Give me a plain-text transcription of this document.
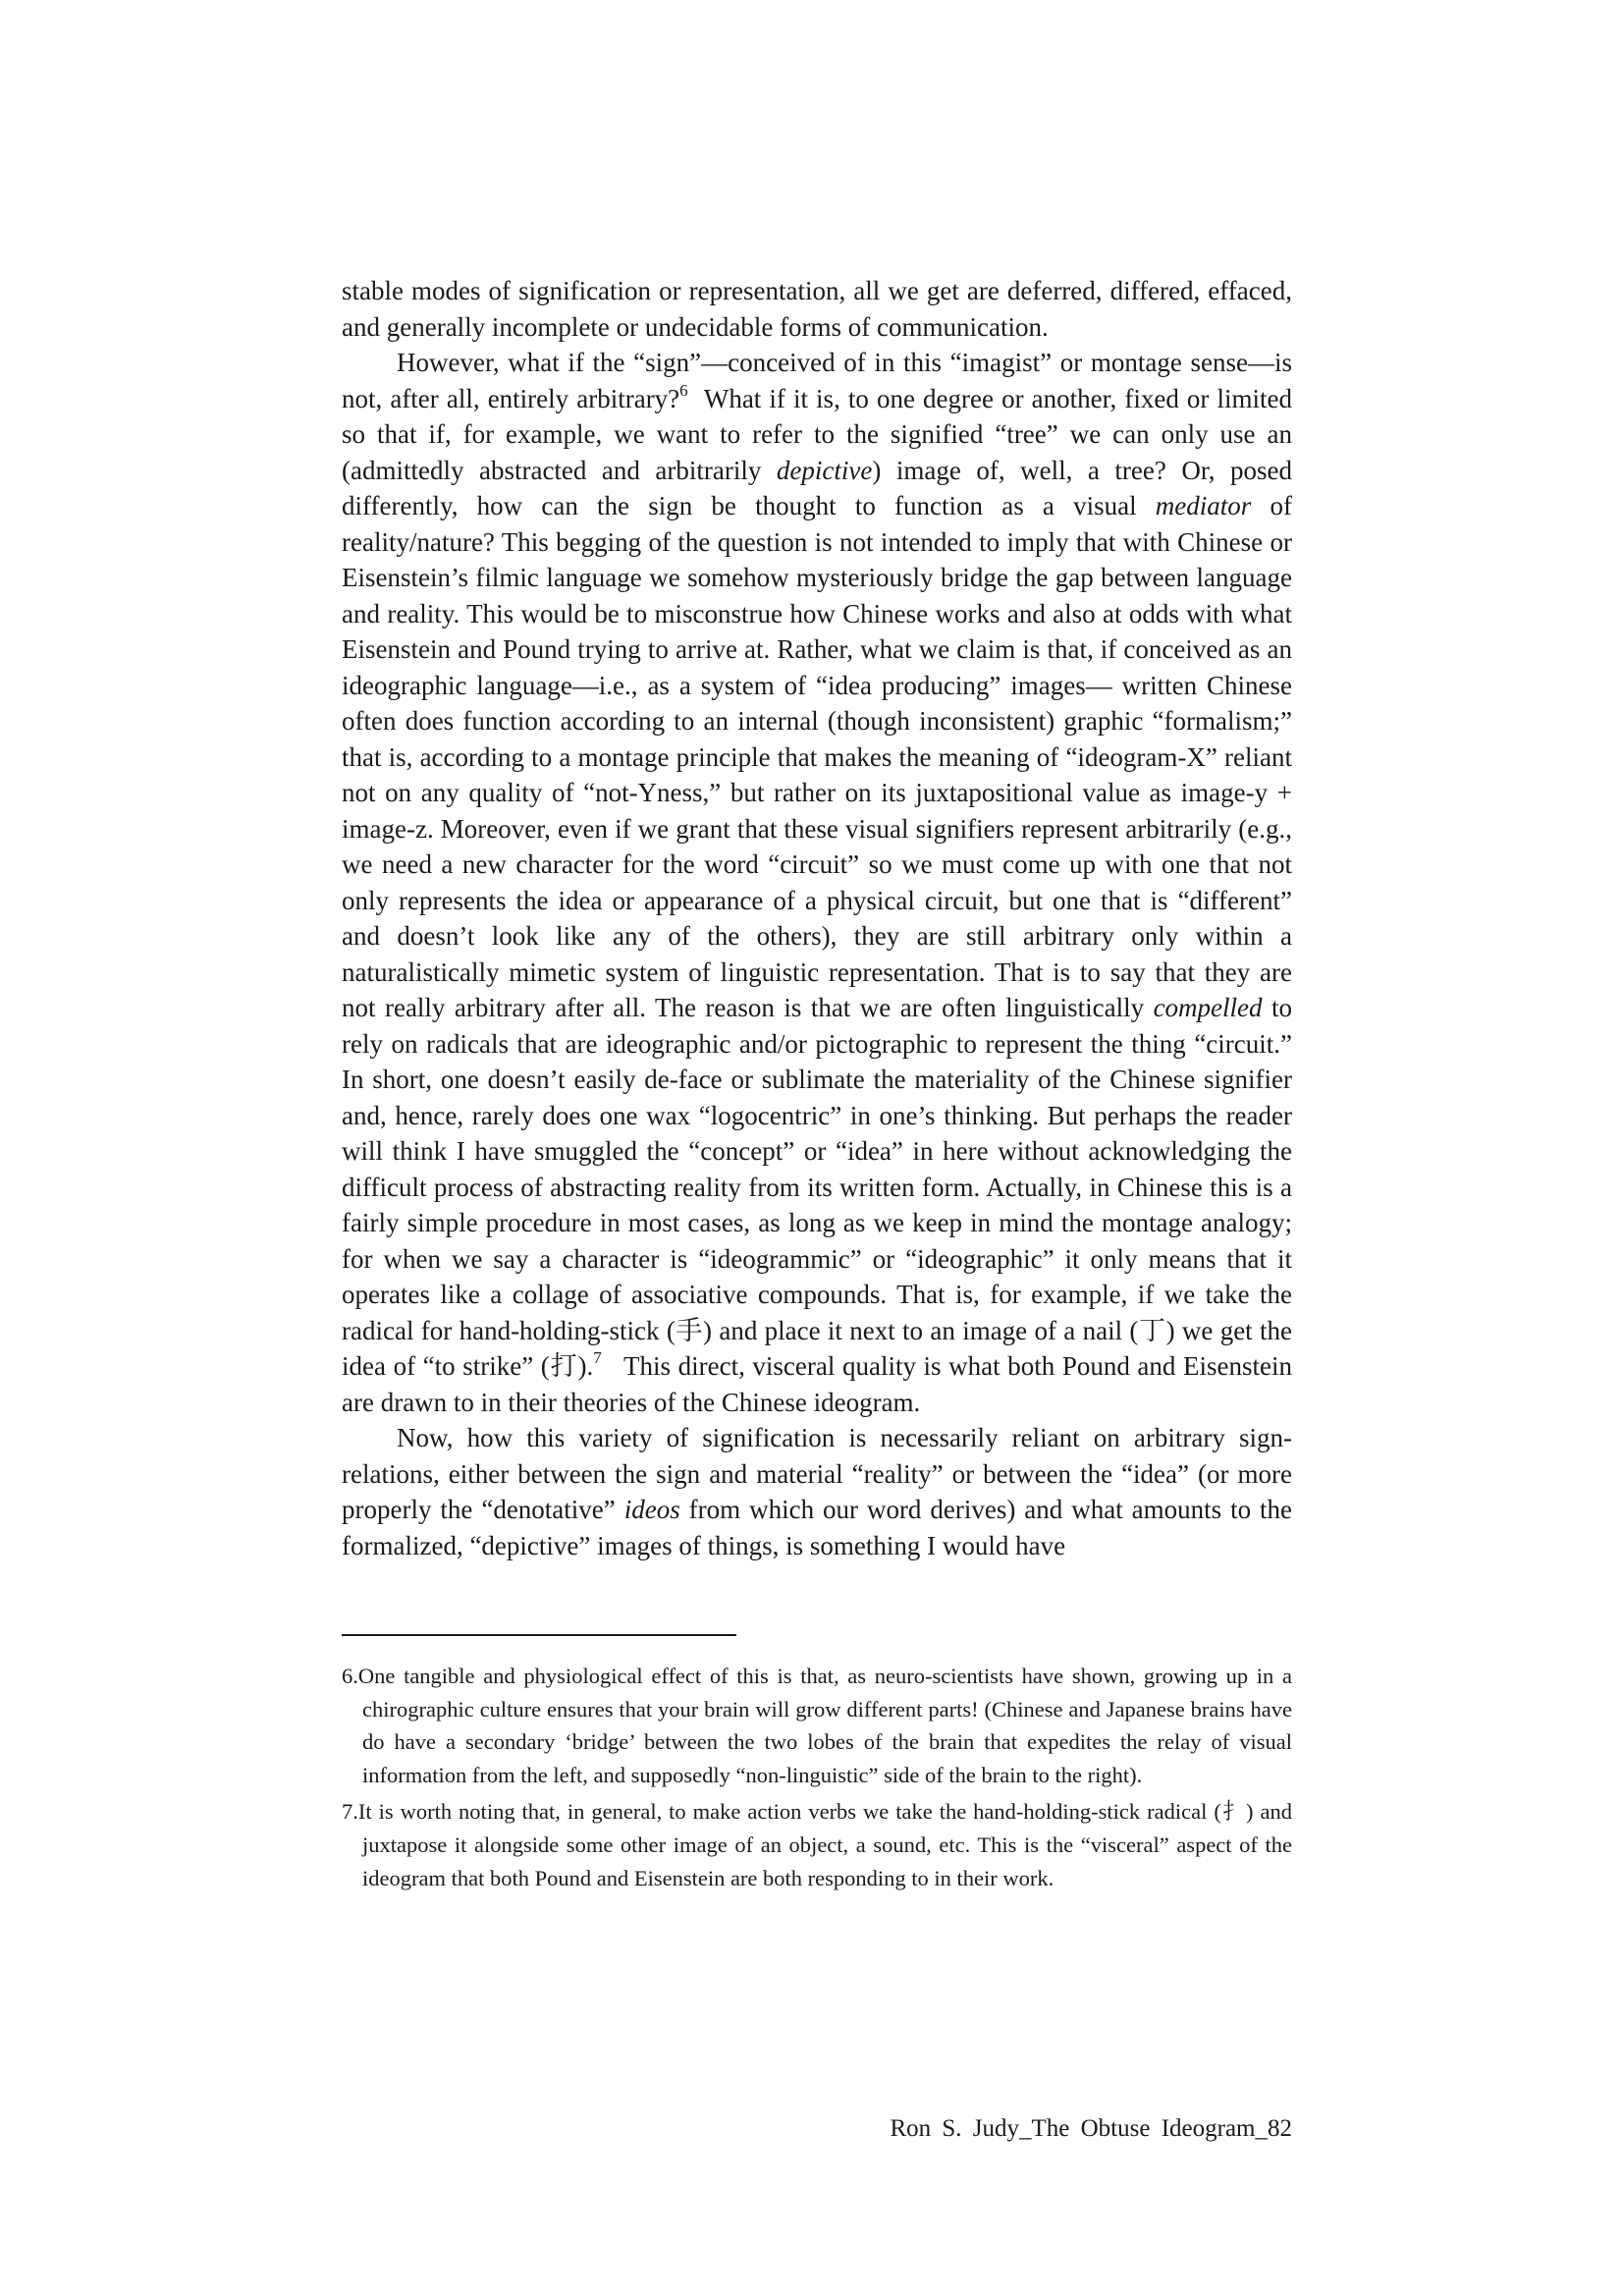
stable modes of signification or representation, all we get are deferred, differed, effaced, and generally incomplete or undecidable forms of communication.

However, what if the “sign”—conceived of in this “imagist” or montage sense—is not, after all, entirely arbitrary?$^6$  What if it is, to one degree or another, fixed or limited so that if, for example, we want to refer to the signified “tree” we can only use an (admittedly abstracted and arbitrarily depictive) image of, well, a tree? Or, posed differently, how can the sign be thought to function as a visual mediator of reality/nature? This begging of the question is not intended to imply that with Chinese or Eisenstein’s filmic language we somehow mysteriously bridge the gap between language and reality. This would be to misconstrue how Chinese works and also at odds with what Eisenstein and Pound trying to arrive at. Rather, what we claim is that, if conceived as an ideographic language—i.e., as a system of “idea producing” images— written Chinese often does function according to an internal (though inconsistent) graphic “formalism;” that is, according to a montage principle that makes the meaning of “ideogram-X” reliant not on any quality of “not-Yness,” but rather on its juxtapositional value as image-y + image-z. Moreover, even if we grant that these visual signifiers represent arbitrarily (e.g., we need a new character for the word “circuit” so we must come up with one that not only represents the idea or appearance of a physical circuit, but one that is “different” and doesn’t look like any of the others), they are still arbitrary only within a naturalistically mimetic system of linguistic representation. That is to say that they are not really arbitrary after all. The reason is that we are often linguistically compelled to rely on radicals that are ideographic and/or pictographic to represent the thing “circuit.” In short, one doesn’t easily de-face or sublimate the materiality of the Chinese signifier and, hence, rarely does one wax “logocentric” in one’s thinking. But perhaps the reader will think I have smuggled the “concept” or “idea” in here without acknowledging the difficult process of abstracting reality from its written form. Actually, in Chinese this is a fairly simple procedure in most cases, as long as we keep in mind the montage analogy; for when we say a character is “ideogrammic” or “ideographic” it only means that it operates like a collage of associative compounds. That is, for example, if we take the radical for hand-holding-stick (手) and place it next to an image of a nail (丁) we get the idea of “to strike” (打).$^7$   This direct, visceral quality is what both Pound and Eisenstein are drawn to in their theories of the Chinese ideogram.

Now, how this variety of signification is necessarily reliant on arbitrary sign-relations, either between the sign and material “reality” or between the “idea” (or more properly the “denotative” ideos from which our word derives) and what amounts to the formalized, “depictive” images of things, is something I would have

6.One tangible and physiological effect of this is that, as neuro-scientists have shown, growing up in a chirographic culture ensures that your brain will grow different parts! (Chinese and Japanese brains have do have a secondary ‘bridge’ between the two lobes of the brain that expedites the relay of visual information from the left, and supposedly “non-linguistic” side of the brain to the right).

7.It is worth noting that, in general, to make action verbs we take the hand-holding-stick radical (扌) and juxtapose it alongside some other image of an object, a sound, etc. This is the “visceral” aspect of the ideogram that both Pound and Eisenstein are both responding to in their work.

Ron S. Judy_The Obtuse Ideogram_82
